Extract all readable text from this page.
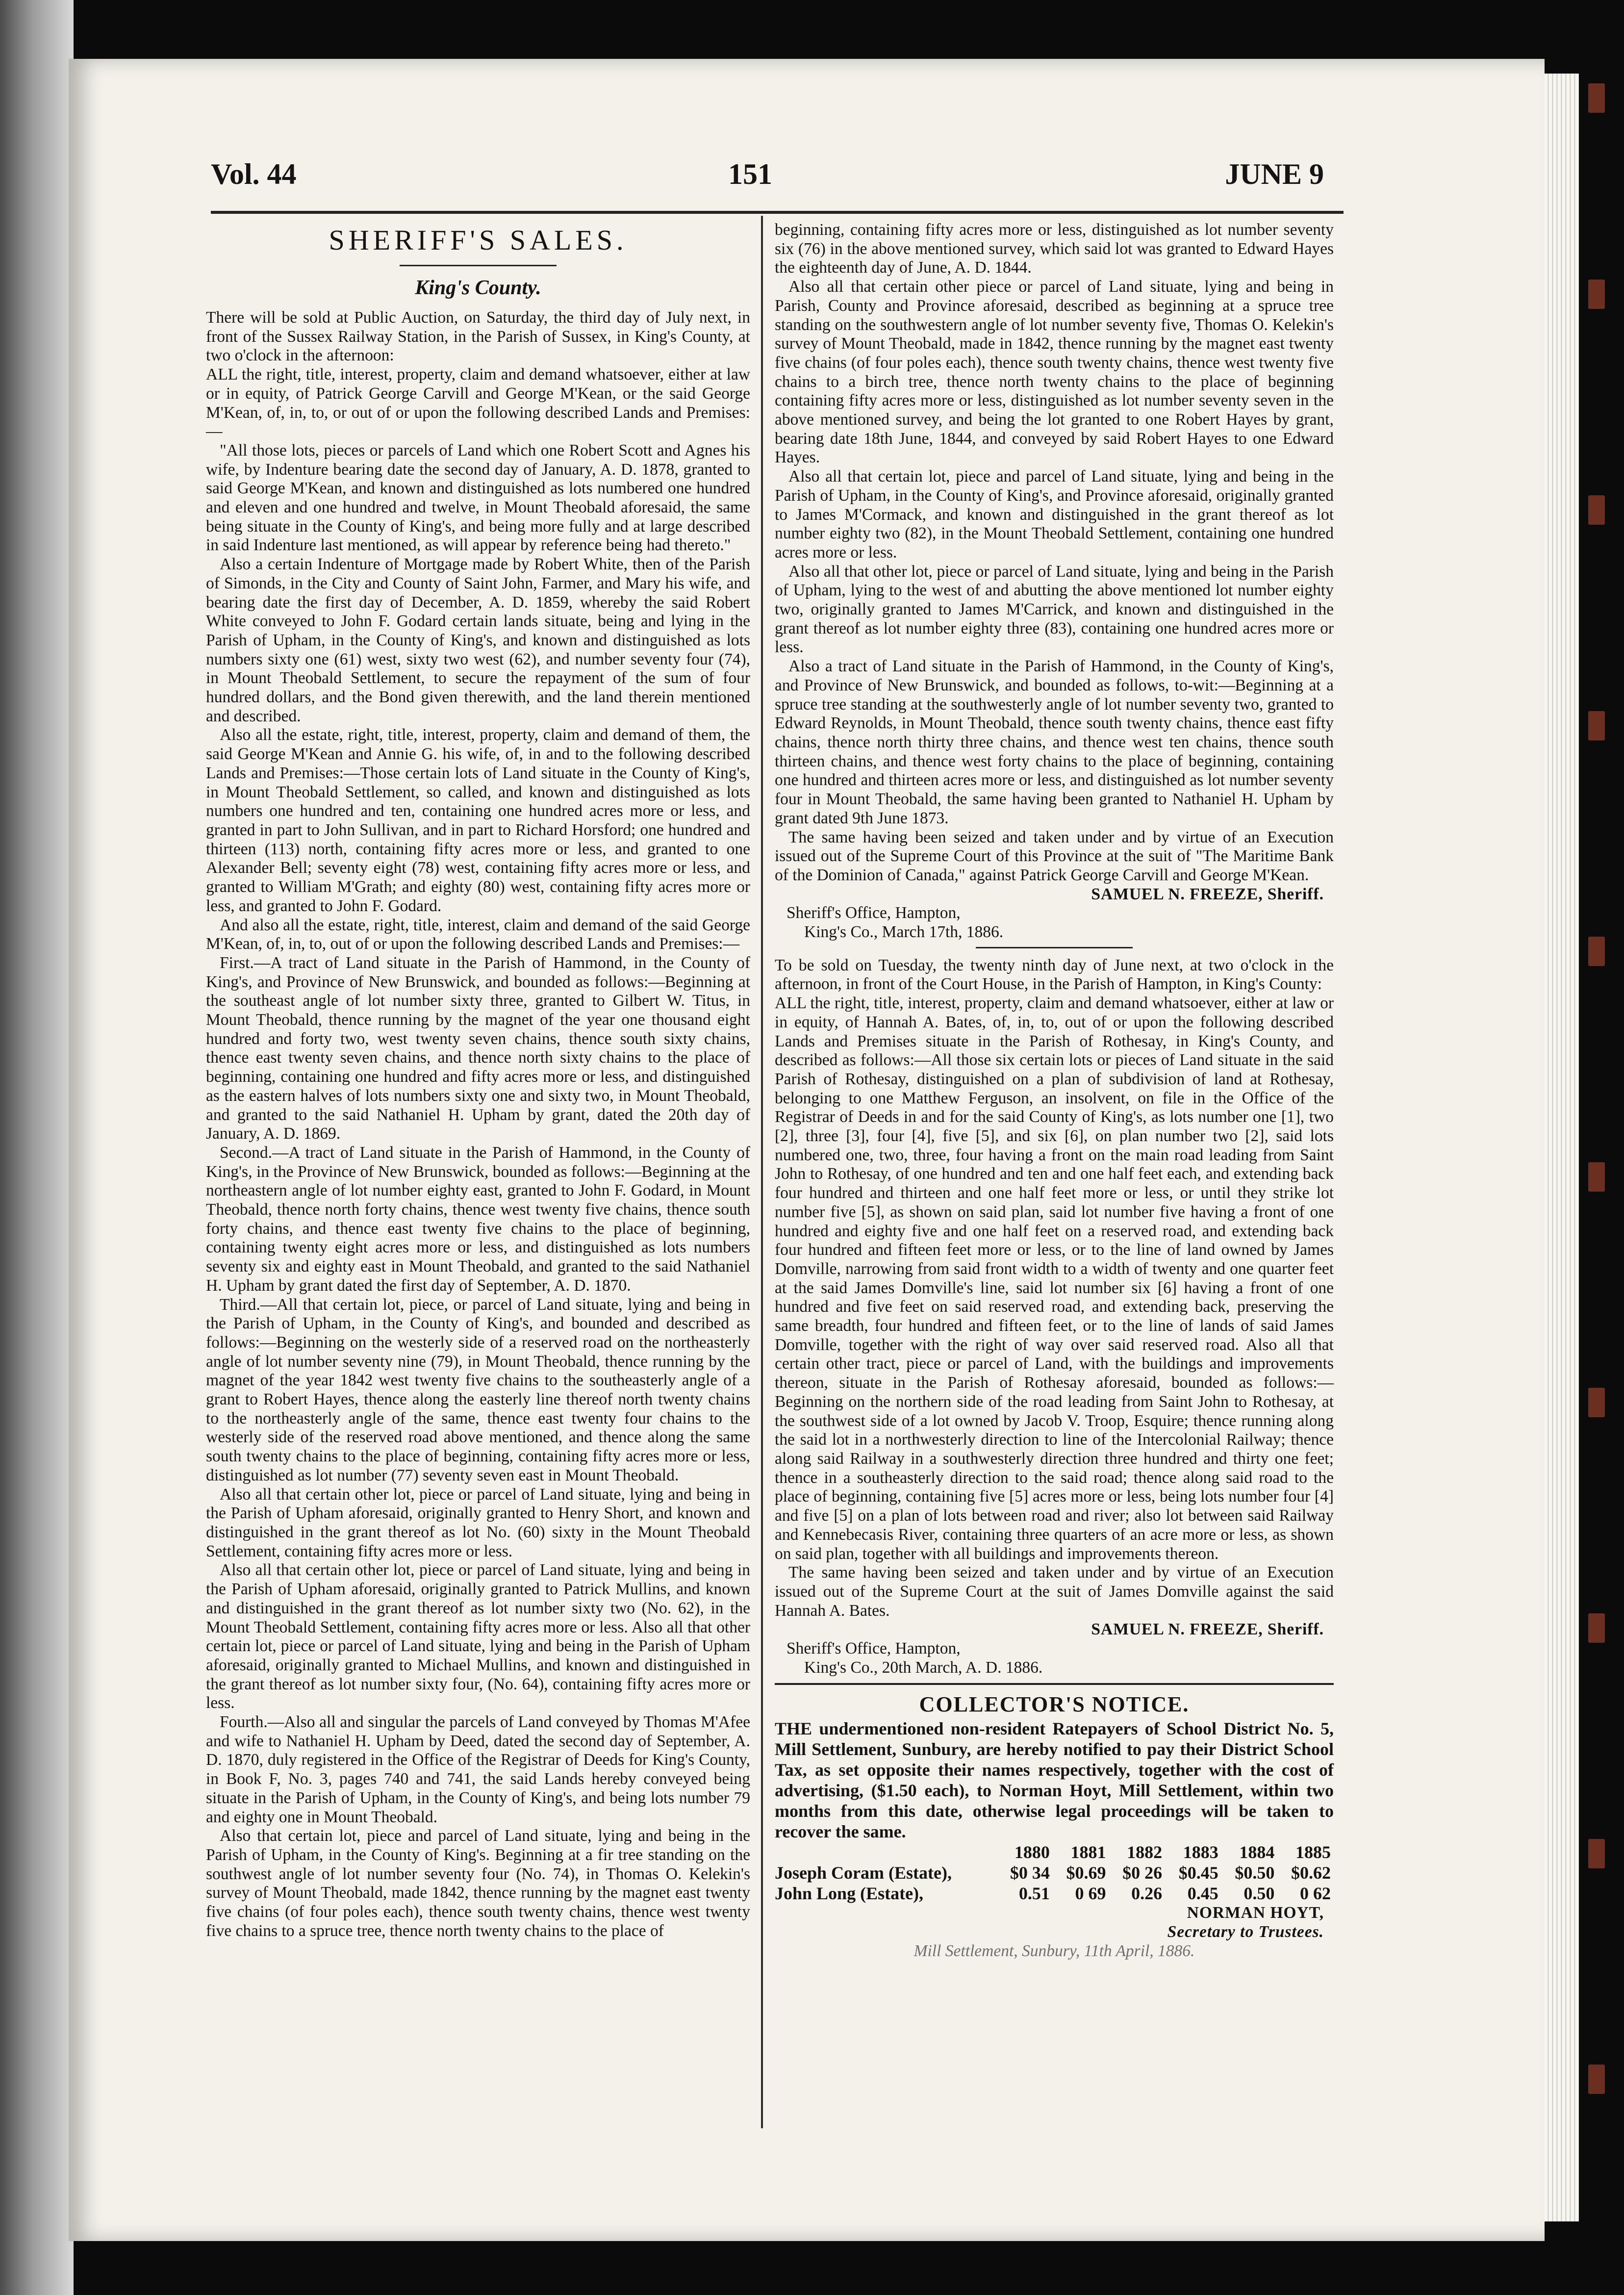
Vol. 44	151	JUNE 9
SHERIFF'S SALES.
King's County.

There will be sold at Public Auction, on Saturday, the third day of July next, in front of the Sussex Railway Station, in the Parish of Sussex, in King's County, at two o'clock in the afternoon:

ALL the right, title, interest, property, claim and demand whatsoever, either at law or in equity, of Patrick George Carvill and George M'Kean, or the said George M'Kean, of, in, to, or out of or upon the following described Lands and Premises:—

"All those lots, pieces or parcels of Land which one Robert Scott and Agnes his wife, by Indenture bearing date the second day of January, A. D. 1878, granted to said George M'Kean, and known and distinguished as lots numbered one hundred and eleven and one hundred and twelve, in Mount Theobald aforesaid, the same being situate in the County of King's, and being more fully and at large described in said Indenture last mentioned, as will appear by reference being had thereto."

Also a certain Indenture of Mortgage made by Robert White, then of the Parish of Simonds, in the City and County of Saint John, Farmer, and Mary his wife, and bearing date the first day of December, A. D. 1859, whereby the said Robert White conveyed to John F. Godard certain lands situate, being and lying in the Parish of Upham, in the County of King's, and known and distinguished as lots numbers sixty one (61) west, sixty two west (62), and number seventy four (74), in Mount Theobald Settlement, to secure the repayment of the sum of four hundred dollars, and the Bond given therewith, and the land therein mentioned and described.

Also all the estate, right, title, interest, property, claim and demand of them, the said George M'Kean and Annie G. his wife, of, in and to the following described Lands and Premises:—Those certain lots of Land situate in the County of King's, in Mount Theobald Settlement, so called, and known and distinguished as lots numbers one hundred and ten, containing one hundred acres more or less, and granted in part to John Sullivan, and in part to Richard Horsford; one hundred and thirteen (113) north, containing fifty acres more or less, and granted to one Alexander Bell; seventy eight (78) west, containing fifty acres more or less, and granted to William M'Grath; and eighty (80) west, containing fifty acres more or less, and granted to John F. Godard.

And also all the estate, right, title, interest, claim and demand of the said George M'Kean, of, in, to, out of or upon the following described Lands and Premises:—

First.—A tract of Land situate in the Parish of Hammond, in the County of King's, and Province of New Brunswick, and bounded as follows:—Beginning at the southeast angle of lot number sixty three, granted to Gilbert W. Titus, in Mount Theobald, thence running by the magnet of the year one thousand eight hundred and forty two, west twenty seven chains, thence south sixty chains, thence east twenty seven chains, and thence north sixty chains to the place of beginning, containing one hundred and fifty acres more or less, and distinguished as the eastern halves of lots numbers sixty one and sixty two, in Mount Theobald, and granted to the said Nathaniel H. Upham by grant, dated the 20th day of January, A. D. 1869.

Second.—A tract of Land situate in the Parish of Hammond, in the County of King's, in the Province of New Brunswick, bounded as follows:—Beginning at the northeastern angle of lot number eighty east, granted to John F. Godard, in Mount Theobald, thence north forty chains, thence west twenty five chains, thence south forty chains, and thence east twenty five chains to the place of beginning, containing twenty eight acres more or less, and distinguished as lots numbers seventy six and eighty east in Mount Theobald, and granted to the said Nathaniel H. Upham by grant dated the first day of September, A. D. 1870.

Third.—All that certain lot, piece, or parcel of Land situate, lying and being in the Parish of Upham, in the County of King's, and bounded and described as follows:—Beginning on the westerly side of a reserved road on the northeasterly angle of lot number seventy nine (79), in Mount Theobald, thence running by the magnet of the year 1842 west twenty five chains to the southeasterly angle of a grant to Robert Hayes, thence along the easterly line thereof north twenty chains to the northeasterly angle of the same, thence east twenty four chains to the westerly side of the reserved road above mentioned, and thence along the same south twenty chains to the place of beginning, containing fifty acres more or less, distinguished as lot number (77) seventy seven east in Mount Theobald.

Also all that certain other lot, piece or parcel of Land situate, lying and being in the Parish of Upham aforesaid, originally granted to Henry Short, and known and distinguished in the grant thereof as lot No. (60) sixty in the Mount Theobald Settlement, containing fifty acres more or less.

Also all that certain other lot, piece or parcel of Land situate, lying and being in the Parish of Upham aforesaid, originally granted to Patrick Mullins, and known and distinguished in the grant thereof as lot number sixty two (No. 62), in the Mount Theobald Settlement, containing fifty acres more or less. Also all that other certain lot, piece or parcel of Land situate, lying and being in the Parish of Upham aforesaid, originally granted to Michael Mullins, and known and distinguished in the grant thereof as lot number sixty four, (No. 64), containing fifty acres more or less.

Fourth.—Also all and singular the parcels of Land conveyed by Thomas M'Afee and wife to Nathaniel H. Upham by Deed, dated the second day of September, A. D. 1870, duly registered in the Office of the Registrar of Deeds for King's County, in Book F, No. 3, pages 740 and 741, the said Lands hereby conveyed being situate in the Parish of Upham, in the County of King's, and being lots number 79 and eighty one in Mount Theobald.

Also that certain lot, piece and parcel of Land situate, lying and being in the Parish of Upham, in the County of King's. Beginning at a fir tree standing on the southwest angle of lot number seventy four (No. 74), in Thomas O. Kelekin's survey of Mount Theobald, made 1842, thence running by the magnet east twenty five chains (of four poles each), thence south twenty chains, thence west twenty five chains to a spruce tree, thence north twenty chains to the place of

beginning, containing fifty acres more or less, distinguished as lot number seventy six (76) in the above mentioned survey, which said lot was granted to Edward Hayes the eighteenth day of June, A. D. 1844.

Also all that certain other piece or parcel of Land situate, lying and being in Parish, County and Province aforesaid, described as beginning at a spruce tree standing on the southwestern angle of lot number seventy five, Thomas O. Kelekin's survey of Mount Theobald, made in 1842, thence running by the magnet east twenty five chains (of four poles each), thence south twenty chains, thence west twenty five chains to a birch tree, thence north twenty chains to the place of beginning containing fifty acres more or less, distinguished as lot number seventy seven in the above mentioned survey, and being the lot granted to one Robert Hayes by grant, bearing date 18th June, 1844, and conveyed by said Robert Hayes to one Edward Hayes.

Also all that certain lot, piece and parcel of Land situate, lying and being in the Parish of Upham, in the County of King's, and Province aforesaid, originally granted to James M'Cormack, and known and distinguished in the grant thereof as lot number eighty two (82), in the Mount Theobald Settlement, containing one hundred acres more or less.

Also all that other lot, piece or parcel of Land situate, lying and being in the Parish of Upham, lying to the west of and abutting the above mentioned lot number eighty two, originally granted to James M'Carrick, and known and distinguished in the grant thereof as lot number eighty three (83), containing one hundred acres more or less.

Also a tract of Land situate in the Parish of Hammond, in the County of King's, and Province of New Brunswick, and bounded as follows, to-wit:—Beginning at a spruce tree standing at the southwesterly angle of lot number seventy two, granted to Edward Reynolds, in Mount Theobald, thence south twenty chains, thence east fifty chains, thence north thirty three chains, and thence west ten chains, thence south thirteen chains, and thence west forty chains to the place of beginning, containing one hundred and thirteen acres more or less, and distinguished as lot number seventy four in Mount Theobald, the same having been granted to Nathaniel H. Upham by grant dated 9th June 1873.

The same having been seized and taken under and by virtue of an Execution issued out of the Supreme Court of this Province at the suit of "The Maritime Bank of the Dominion of Canada," against Patrick George Carvill and George M'Kean.

SAMUEL N. FREEZE, Sheriff.

Sheriff's Office, Hampton,

King's Co., March 17th, 1886.

To be sold on Tuesday, the twenty ninth day of June next, at two o'clock in the afternoon, in front of the Court House, in the Parish of Hampton, in King's County:

ALL the right, title, interest, property, claim and demand whatsoever, either at law or in equity, of Hannah A. Bates, of, in, to, out of or upon the following described Lands and Premises situate in the Parish of Rothesay, in King's County, and described as follows:—All those six certain lots or pieces of Land situate in the said Parish of Rothesay, distinguished on a plan of subdivision of land at Rothesay, belonging to one Matthew Ferguson, an insolvent, on file in the Office of the Registrar of Deeds in and for the said County of King's, as lots number one [1], two [2], three [3], four [4], five [5], and six [6], on plan number two [2], said lots numbered one, two, three, four having a front on the main road leading from Saint John to Rothesay, of one hundred and ten and one half feet each, and extending back four hundred and thirteen and one half feet more or less, or until they strike lot number five [5], as shown on said plan, said lot number five having a front of one hundred and eighty five and one half feet on a reserved road, and extending back four hundred and fifteen feet more or less, or to the line of land owned by James Domville, narrowing from said front width to a width of twenty and one quarter feet at the said James Domville's line, said lot number six [6] having a front of one hundred and five feet on said reserved road, and extending back, preserving the same breadth, four hundred and fifteen feet, or to the line of lands of said James Domville, together with the right of way over said reserved road. Also all that certain other tract, piece or parcel of Land, with the buildings and improvements thereon, situate in the Parish of Rothesay aforesaid, bounded as follows:—Beginning on the northern side of the road leading from Saint John to Rothesay, at the southwest side of a lot owned by Jacob V. Troop, Esquire; thence running along the said lot in a northwesterly direction to line of the Intercolonial Railway; thence along said Railway in a southwesterly direction three hundred and thirty one feet; thence in a southeasterly direction to the said road; thence along said road to the place of beginning, containing five [5] acres more or less, being lots number four [4] and five [5] on a plan of lots between road and river; also lot between said Railway and Kennebecasis River, containing three quarters of an acre more or less, as shown on said plan, together with all buildings and improvements thereon.

The same having been seized and taken under and by virtue of an Execution issued out of the Supreme Court at the suit of James Domville against the said Hannah A. Bates.

SAMUEL N. FREEZE, Sheriff.

Sheriff's Office, Hampton,

King's Co., 20th March, A. D. 1886.

COLLECTOR'S NOTICE.

THE undermentioned non-resident Ratepayers of School District No. 5, Mill Settlement, Sunbury, are hereby notified to pay their District School Tax, as set opposite their names respectively, together with the cost of advertising, ($1.50 each), to Norman Hoyt, Mill Settlement, within two months from this date, otherwise legal proceedings will be taken to recover the same.

	1880	1881	1882	1883	1884	1885
Joseph Coram (Estate),	$0 34	$0.69	$0 26	$0.45	$0.50	$0.62
John Long (Estate),	0.51	0 69	0.26	0.45	0.50	0 62
NORMAN HOYT,
Secretary to Trustees.

Mill Settlement, Sunbury, 11th April, 1886.
